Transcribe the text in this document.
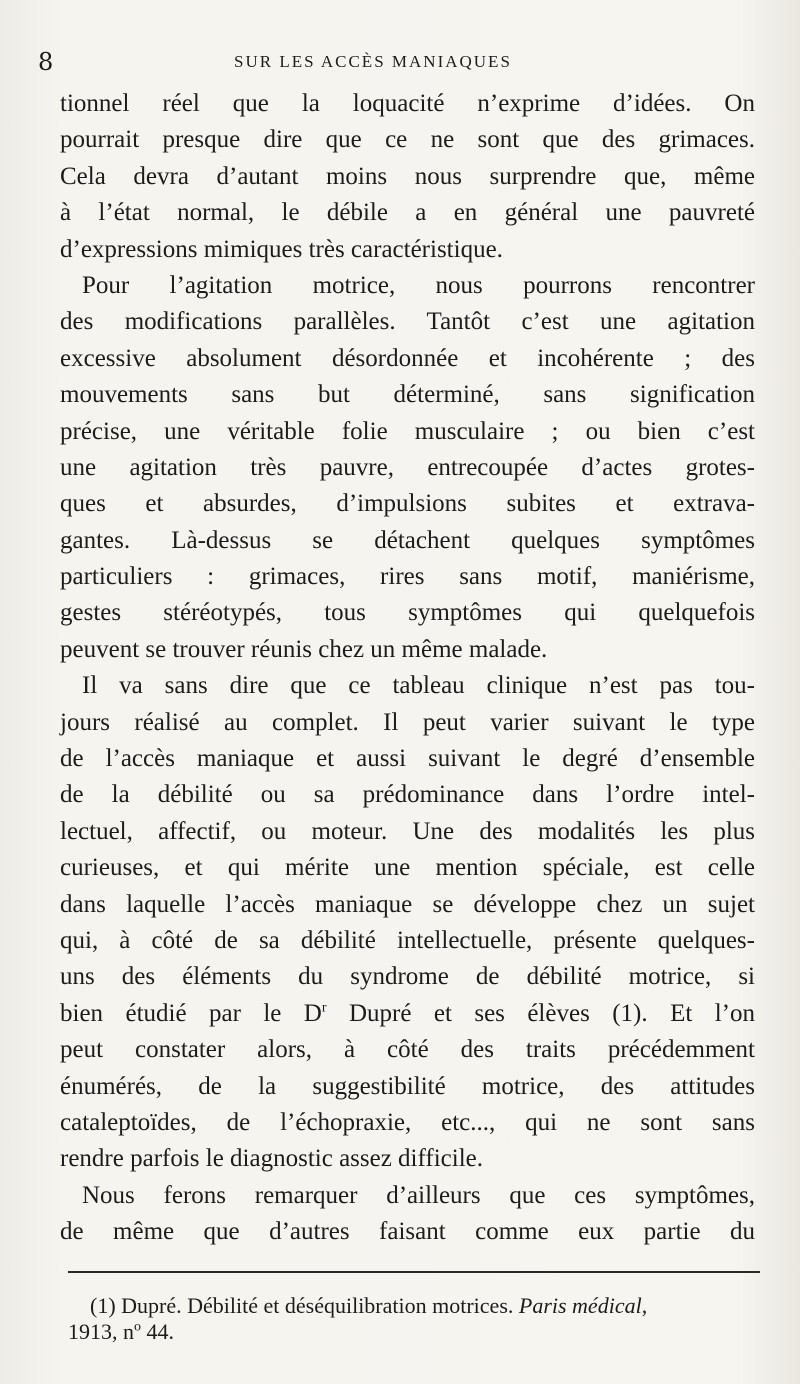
8	SUR LES ACCÈS MANIAQUES
tionnel réel que la loquacité n’exprime d’idées. On
pourrait presque dire que ce ne sont que des grimaces.
Cela devra d’autant moins nous surprendre que, même
à l’état normal, le débile a en général une pauvreté
d’expressions mimiques très caractéristique.
Pour l’agitation motrice, nous pourrons rencontrer
des modifications parallèles. Tantôt c’est une agitation
excessive absolument désordonnée et incohérente ; des
mouvements sans but déterminé, sans signification
précise, une véritable folie musculaire ; ou bien c’est
une agitation très pauvre, entrecoupée d’actes grotes-
ques et absurdes, d’impulsions subites et extrava-
gantes. Là-dessus se détachent quelques symptômes
particuliers : grimaces, rires sans motif, maniérisme,
gestes stéréotypés, tous symptômes qui quelquefois
peuvent se trouver réunis chez un même malade.
Il va sans dire que ce tableau clinique n’est pas tou-
jours réalisé au complet. Il peut varier suivant le type
de l’accès maniaque et aussi suivant le degré d’ensemble
de la débilité ou sa prédominance dans l’ordre intel-
lectuel, affectif, ou moteur. Une des modalités les plus
curieuses, et qui mérite une mention spéciale, est celle
dans laquelle l’accès maniaque se développe chez un sujet
qui, à côté de sa débilité intellectuelle, présente quelques-
uns des éléments du syndrome de débilité motrice, si
bien étudié par le $D^r$ Dupré et ses élèves (1). Et l’on
peut constater alors, à côté des traits précédemment
énumérés, de la suggestibilité motrice, des attitudes
cataleptoïdes, de l’échopraxie, etc..., qui ne sont sans
rendre parfois le diagnostic assez difficile.
Nous ferons remarquer d’ailleurs que ces symptômes,
de même que d’autres faisant comme eux partie du
(1) Dupré. Débilité et déséquilibration motrices. Paris médical,
1913, $n^o$ 44.
